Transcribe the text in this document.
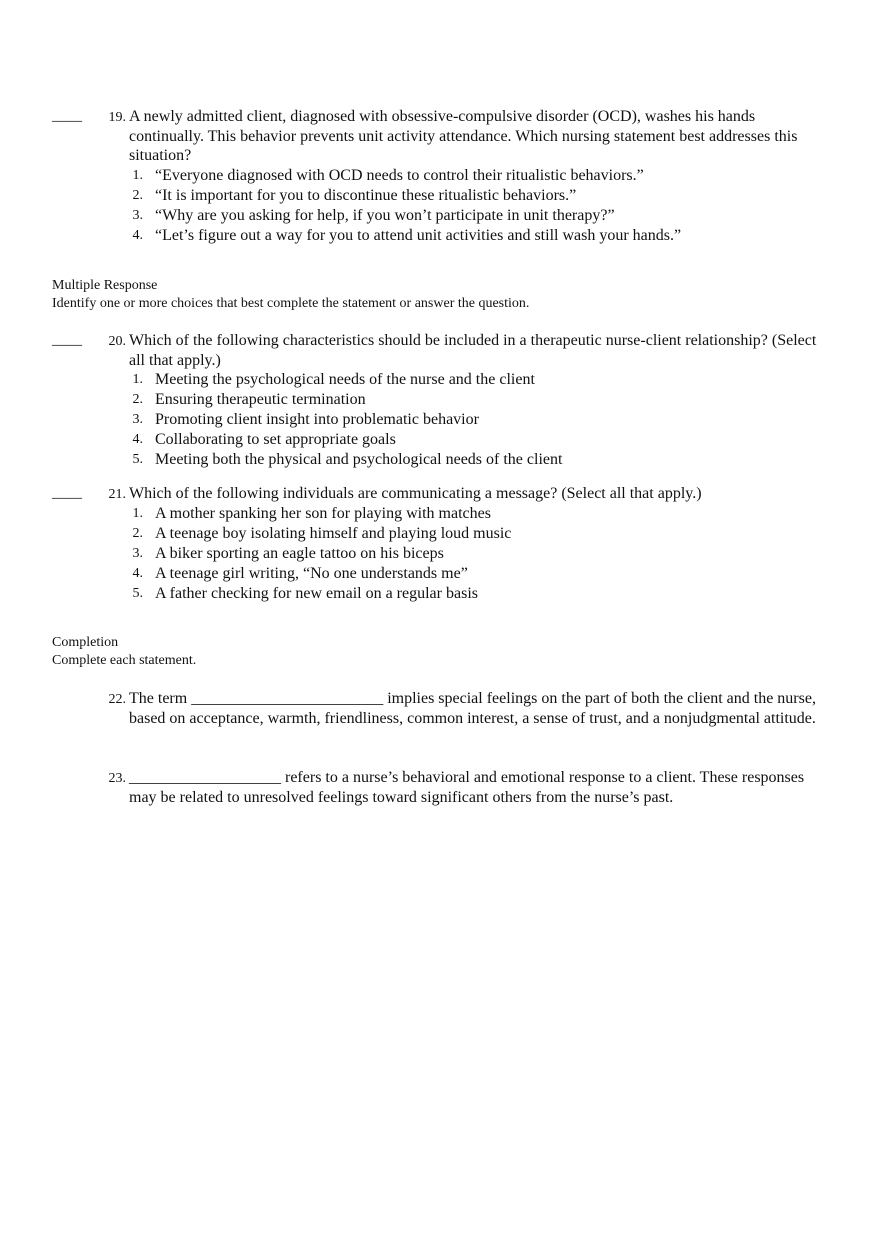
____	19. A newly admitted client, diagnosed with obsessive-compulsive disorder (OCD), washes his hands continually. This behavior prevents unit activity attendance. Which nursing statement best addresses this situation?
1. “Everyone diagnosed with OCD needs to control their ritualistic behaviors.”
2. “It is important for you to discontinue these ritualistic behaviors.”
3. “Why are you asking for help, if you won’t participate in unit therapy?”
4. “Let’s figure out a way for you to attend unit activities and still wash your hands.”
Multiple Response
Identify one or more choices that best complete the statement or answer the question.
____	20. Which of the following characteristics should be included in a therapeutic nurse-client relationship? (Select all that apply.)
1. Meeting the psychological needs of the nurse and the client
2. Ensuring therapeutic termination
3. Promoting client insight into problematic behavior
4. Collaborating to set appropriate goals
5. Meeting both the physical and psychological needs of the client
____	21. Which of the following individuals are communicating a message? (Select all that apply.)
1. A mother spanking her son for playing with matches
2. A teenage boy isolating himself and playing loud music
3. A biker sporting an eagle tattoo on his biceps
4. A teenage girl writing, “No one understands me”
5. A father checking for new email on a regular basis
Completion
Complete each statement.
22. The term ________________________ implies special feelings on the part of both the client and the nurse, based on acceptance, warmth, friendliness, common interest, a sense of trust, and a nonjudgmental attitude.
23. ___________________ refers to a nurse’s behavioral and emotional response to a client. These responses may be related to unresolved feelings toward significant others from the nurse’s past.
